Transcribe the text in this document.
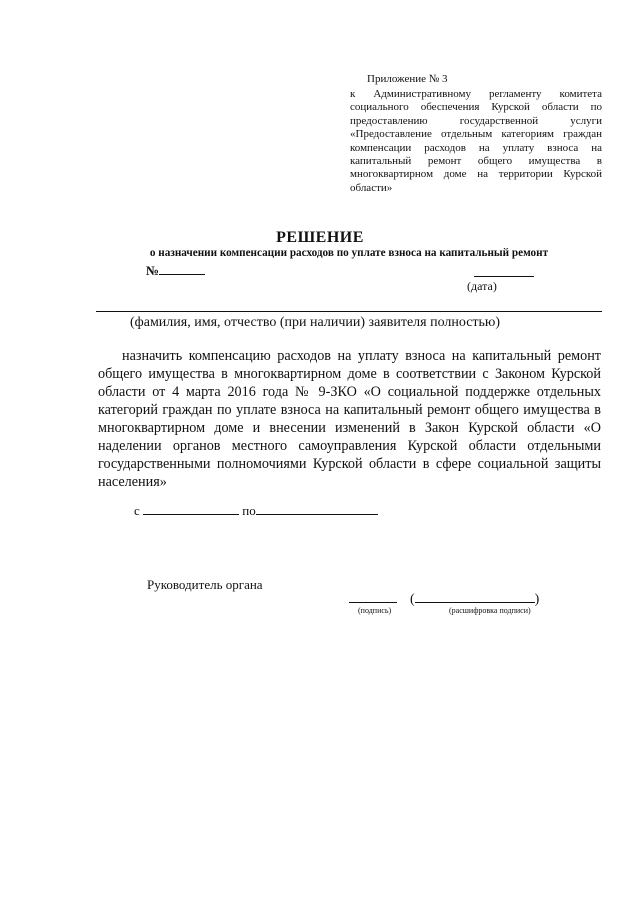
Приложение № 3
к Административному регламенту комитета социального обеспечения Курской области по предоставлению государственной услуги «Предоставление отдельным категориям граждан компенсации расходов на уплату взноса на капитальный ремонт общего имущества в многоквартирном доме на территории Курской области»
РЕШЕНИЕ
о назначении компенсации расходов по уплате взноса на капитальный ремонт
№
(дата)
(фамилия, имя, отчество (при наличии) заявителя полностью)
назначить компенсацию расходов на уплату взноса на капитальный ремонт общего имущества в многоквартирном доме в соответствии с Законом Курской области от 4 марта 2016 года № 9-ЗКО «О социальной поддержке отдельных категорий граждан по уплате взноса на капитальный ремонт общего имущества в многоквартирном доме и внесении изменений в Закон Курской области «О наделении органов местного самоуправления Курской области отдельными государственными полномочиями Курской области в сфере социальной защиты населения»
с	по
Руководитель органа
(	)
(подпись)	(расшифровка подписи)
